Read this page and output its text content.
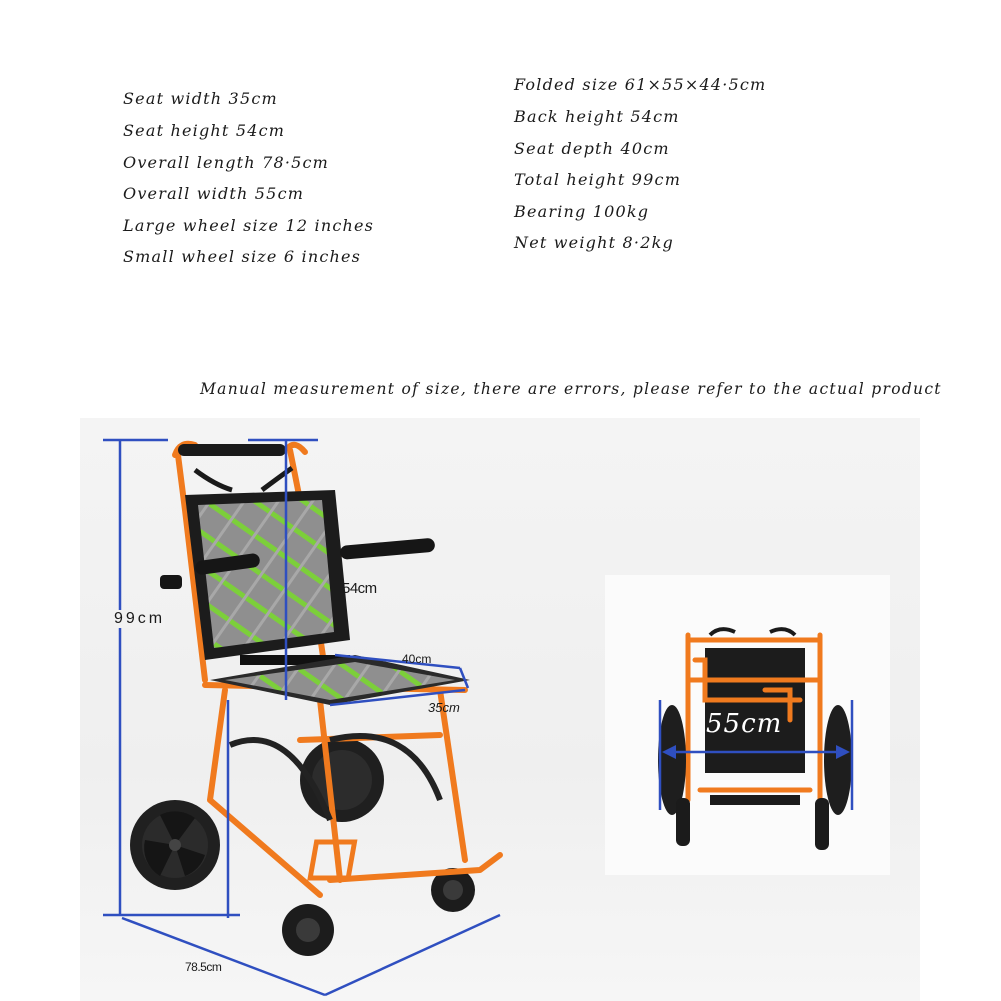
Seat width 35cm
Seat height 54cm
Overall length 78·5cm
Overall width 55cm
Large wheel size 12 inches
Small wheel size 6 inches
Folded size 61×55×44·5cm
Back height 54cm
Seat depth 40cm
Total height 99cm
Bearing 100kg
Net weight 8·2kg
Manual measurement of size, there are errors, please refer to the actual product
99cm
54cm
40cm
35cm
78.5cm
55cm
